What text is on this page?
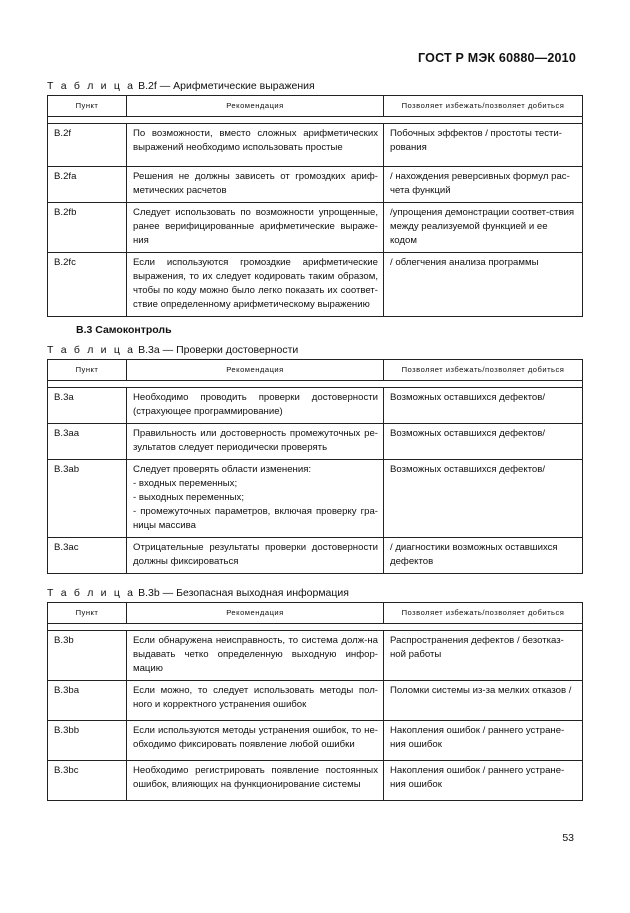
ГОСТ Р МЭК 60880—2010
Т а б л и ц а B.2f — Арифметические выражения
Пункт	Рекомендация	Позволяет избежать/позволяет добиться

B.2f	По возможности, вместо сложных арифметических выражений необходимо использовать простые	Побочных эффектов / простоты тести-рования
B.2fa	Решения не должны зависеть от громоздких ариф-метических расчетов	/ нахождения реверсивных формул рас-чета функций
B.2fb	Следует использовать по возможности упрощенные, ранее верифицированные арифметические выраже-ния	/упрощения демонстрации соответ-ствия между реализуемой функцией и ее кодом
B.2fc	Если используются громоздкие арифметические выражения, то их следует кодировать таким образом, чтобы по коду можно было легко показать их соответ-ствие определенному арифметическому выражению	/ облегчения анализа программы
B.3 Самоконтроль
Т а б л и ц а B.3a — Проверки достоверности
Пункт	Рекомендация	Позволяет избежать/позволяет добиться

B.3a	Необходимо проводить проверки достоверности (страхующее программирование)	Возможных оставшихся дефектов/
B.3aa	Правильность или достоверность промежуточных ре-зультатов следует периодически проверять	Возможных оставшихся дефектов/
B.3ab	Следует проверять области изменения:
- входных переменных;
- выходных переменных;
- промежуточных параметров, включая проверку гра-ницы массива	Возможных оставшихся дефектов/
B.3ac	Отрицательные результаты проверки достоверности должны фиксироваться	/ диагностики возможных оставшихся дефектов
Т а б л и ц а B.3b — Безопасная выходная информация
Пункт	Рекомендация	Позволяет избежать/позволяет добиться

B.3b	Если обнаружена неисправность, то система долж-на выдавать четко определенную выходную инфор-мацию	Распространения дефектов / безотказ-ной работы
B.3ba	Если можно, то следует использовать методы пол-ного и корректного устранения ошибок	Поломки системы из-за мелких отказов /
B.3bb	Если используются методы устранения ошибок, то не-обходимо фиксировать появление любой ошибки	Накопления ошибок / раннего устране-ния ошибок
B.3bc	Необходимо регистрировать появление постоянных ошибок, влияющих на функционирование системы	Накопления ошибок / раннего устране-ния ошибок
53
